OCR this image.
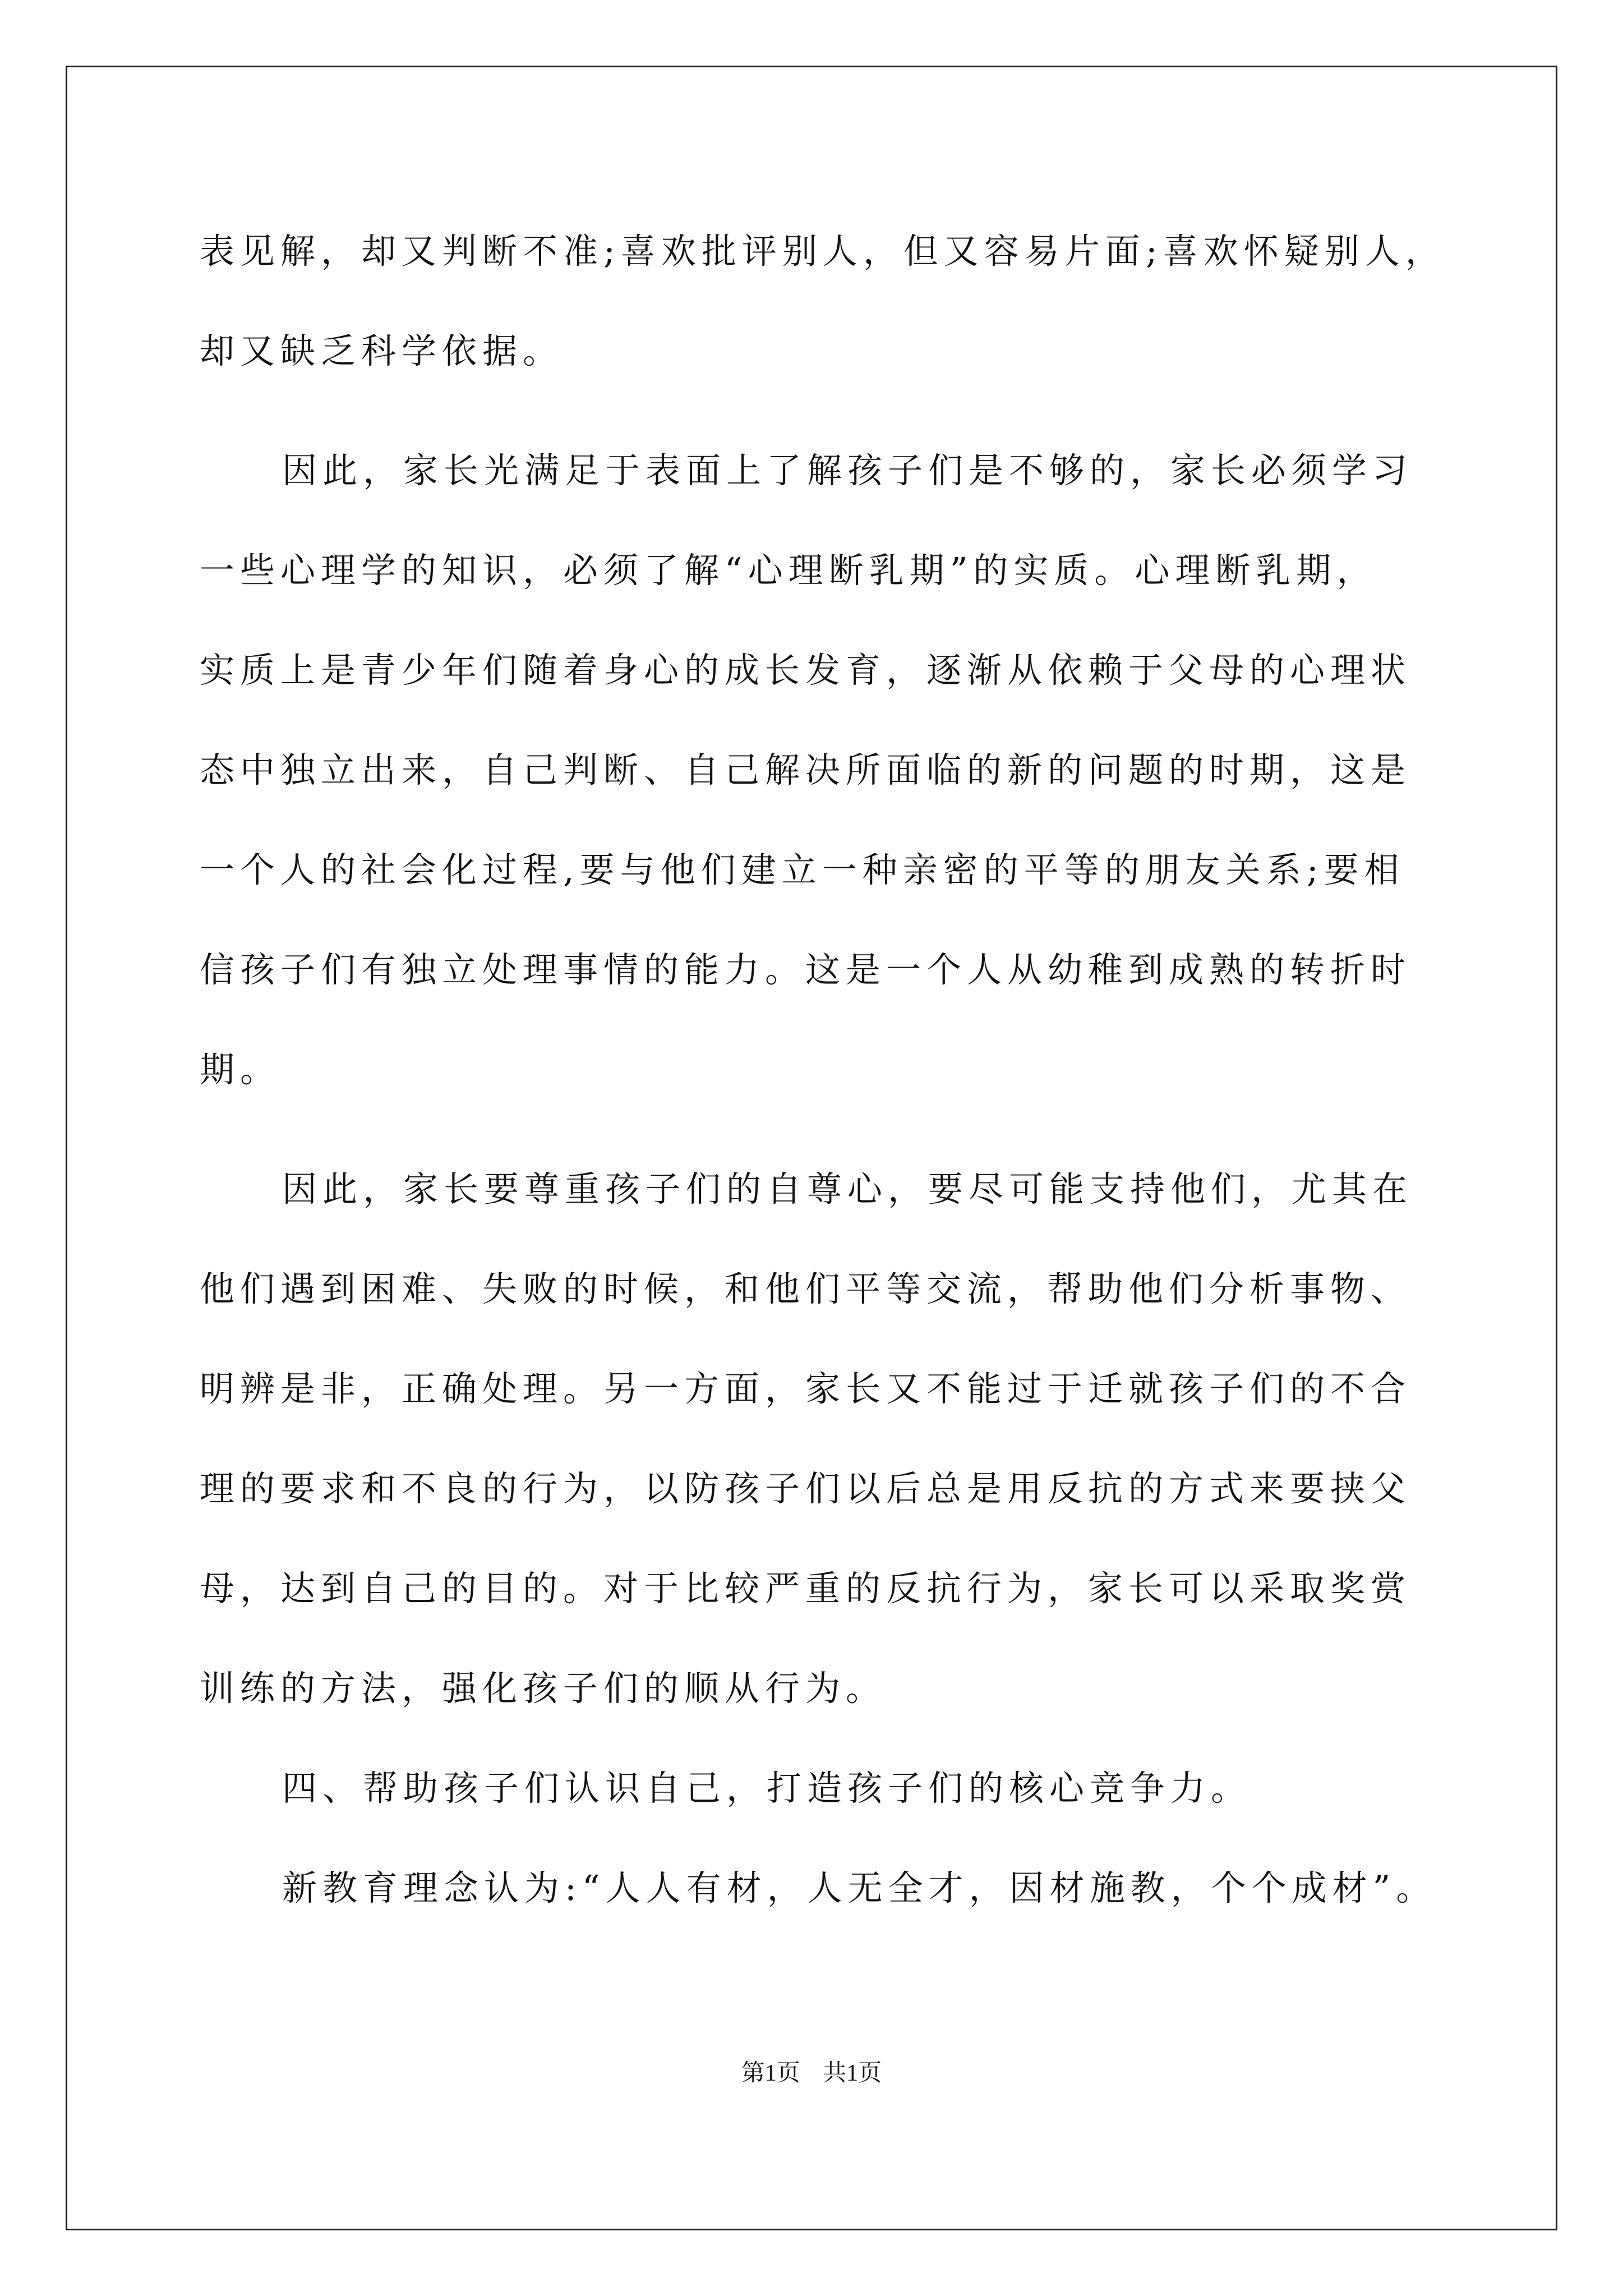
表见解，却又判断不准;喜欢批评别人，但又容易片面;喜欢怀疑别人，
却又缺乏科学依据。
因此，家长光满足于表面上了解孩子们是不够的，家长必须学习
一些心理学的知识，必须了解“心理断乳期”的实质。心理断乳期，
实质上是青少年们随着身心的成长发育，逐渐从依赖于父母的心理状
态中独立出来，自己判断、自己解决所面临的新的问题的时期，这是
一个人的社会化过程,要与他们建立一种亲密的平等的朋友关系;要相
信孩子们有独立处理事情的能力。这是一个人从幼稚到成熟的转折时
期。
因此，家长要尊重孩子们的自尊心，要尽可能支持他们，尤其在
他们遇到困难、失败的时候，和他们平等交流，帮助他们分析事物、
明辨是非，正确处理。另一方面，家长又不能过于迁就孩子们的不合
理的要求和不良的行为，以防孩子们以后总是用反抗的方式来要挟父
母，达到自己的目的。对于比较严重的反抗行为，家长可以采取奖赏
训练的方法，强化孩子们的顺从行为。
四、帮助孩子们认识自己，打造孩子们的核心竞争力。
新教育理念认为:“人人有材，人无全才，因材施教，个个成材”。
第1页 共1页
